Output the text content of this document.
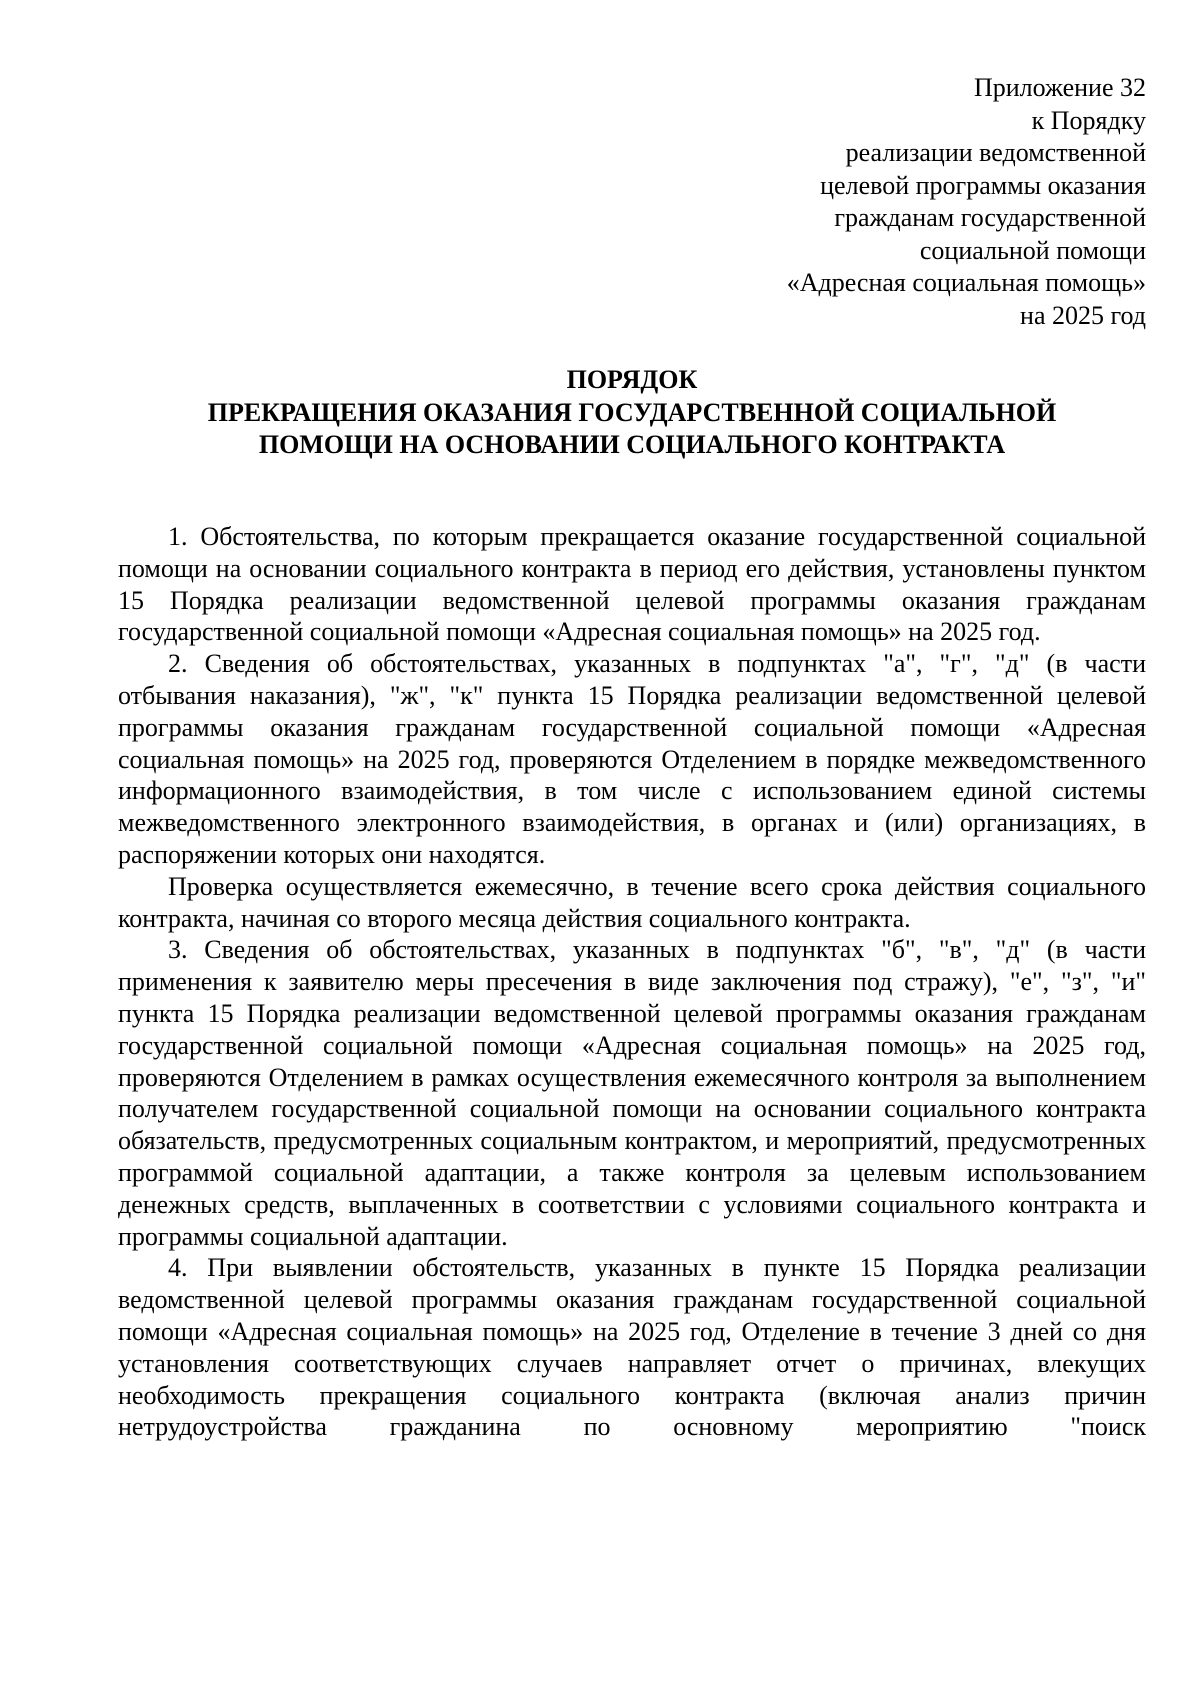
Приложение 32
к Порядку
реализации ведомственной
целевой программы оказания
гражданам государственной
социальной помощи
«Адресная социальная помощь»
на 2025 год
ПОРЯДОК
ПРЕКРАЩЕНИЯ ОКАЗАНИЯ ГОСУДАРСТВЕННОЙ СОЦИАЛЬНОЙ
ПОМОЩИ НА ОСНОВАНИИ СОЦИАЛЬНОГО КОНТРАКТА

1. Обстоятельства, по которым прекращается оказание государственной социальной помощи на основании социального контракта в период его действия, установлены пунктом 15 Порядка реализации ведомственной целевой программы оказания гражданам государственной социальной помощи «Адресная социальная помощь» на 2025 год.

2. Сведения об обстоятельствах, указанных в подпунктах "а", "г", "д" (в части отбывания наказания), "ж", "к" пункта 15 Порядка реализации ведомственной целевой программы оказания гражданам государственной социальной помощи «Адресная социальная помощь» на 2025 год, проверяются Отделением в порядке межведомственного информационного взаимодействия, в том числе с использованием единой системы межведомственного электронного взаимодействия, в органах и (или) организациях, в распоряжении которых они находятся.

Проверка осуществляется ежемесячно, в течение всего срока действия социального контракта, начиная со второго месяца действия социального контракта.

3. Сведения об обстоятельствах, указанных в подпунктах "б", "в", "д" (в части применения к заявителю меры пресечения в виде заключения под стражу), "е", "з", "и" пункта 15 Порядка реализации ведомственной целевой программы оказания гражданам государственной социальной помощи «Адресная социальная помощь» на 2025 год, проверяются Отделением в рамках осуществления ежемесячного контроля за выполнением получателем государственной социальной помощи на основании социального контракта обязательств, предусмотренных социальным контрактом, и мероприятий, предусмотренных программой социальной адаптации, а также контроля за целевым использованием денежных средств, выплаченных в соответствии с условиями социального контракта и программы социальной адаптации.

4. При выявлении обстоятельств, указанных в пункте 15 Порядка реализации ведомственной целевой программы оказания гражданам государственной социальной помощи «Адресная социальная помощь» на 2025 год, Отделение в течение 3 дней со дня установления соответствующих случаев направляет отчет о причинах, влекущих необходимость прекращения социального контракта (включая анализ причин нетрудоустройства гражданина по основному мероприятию "поиск
